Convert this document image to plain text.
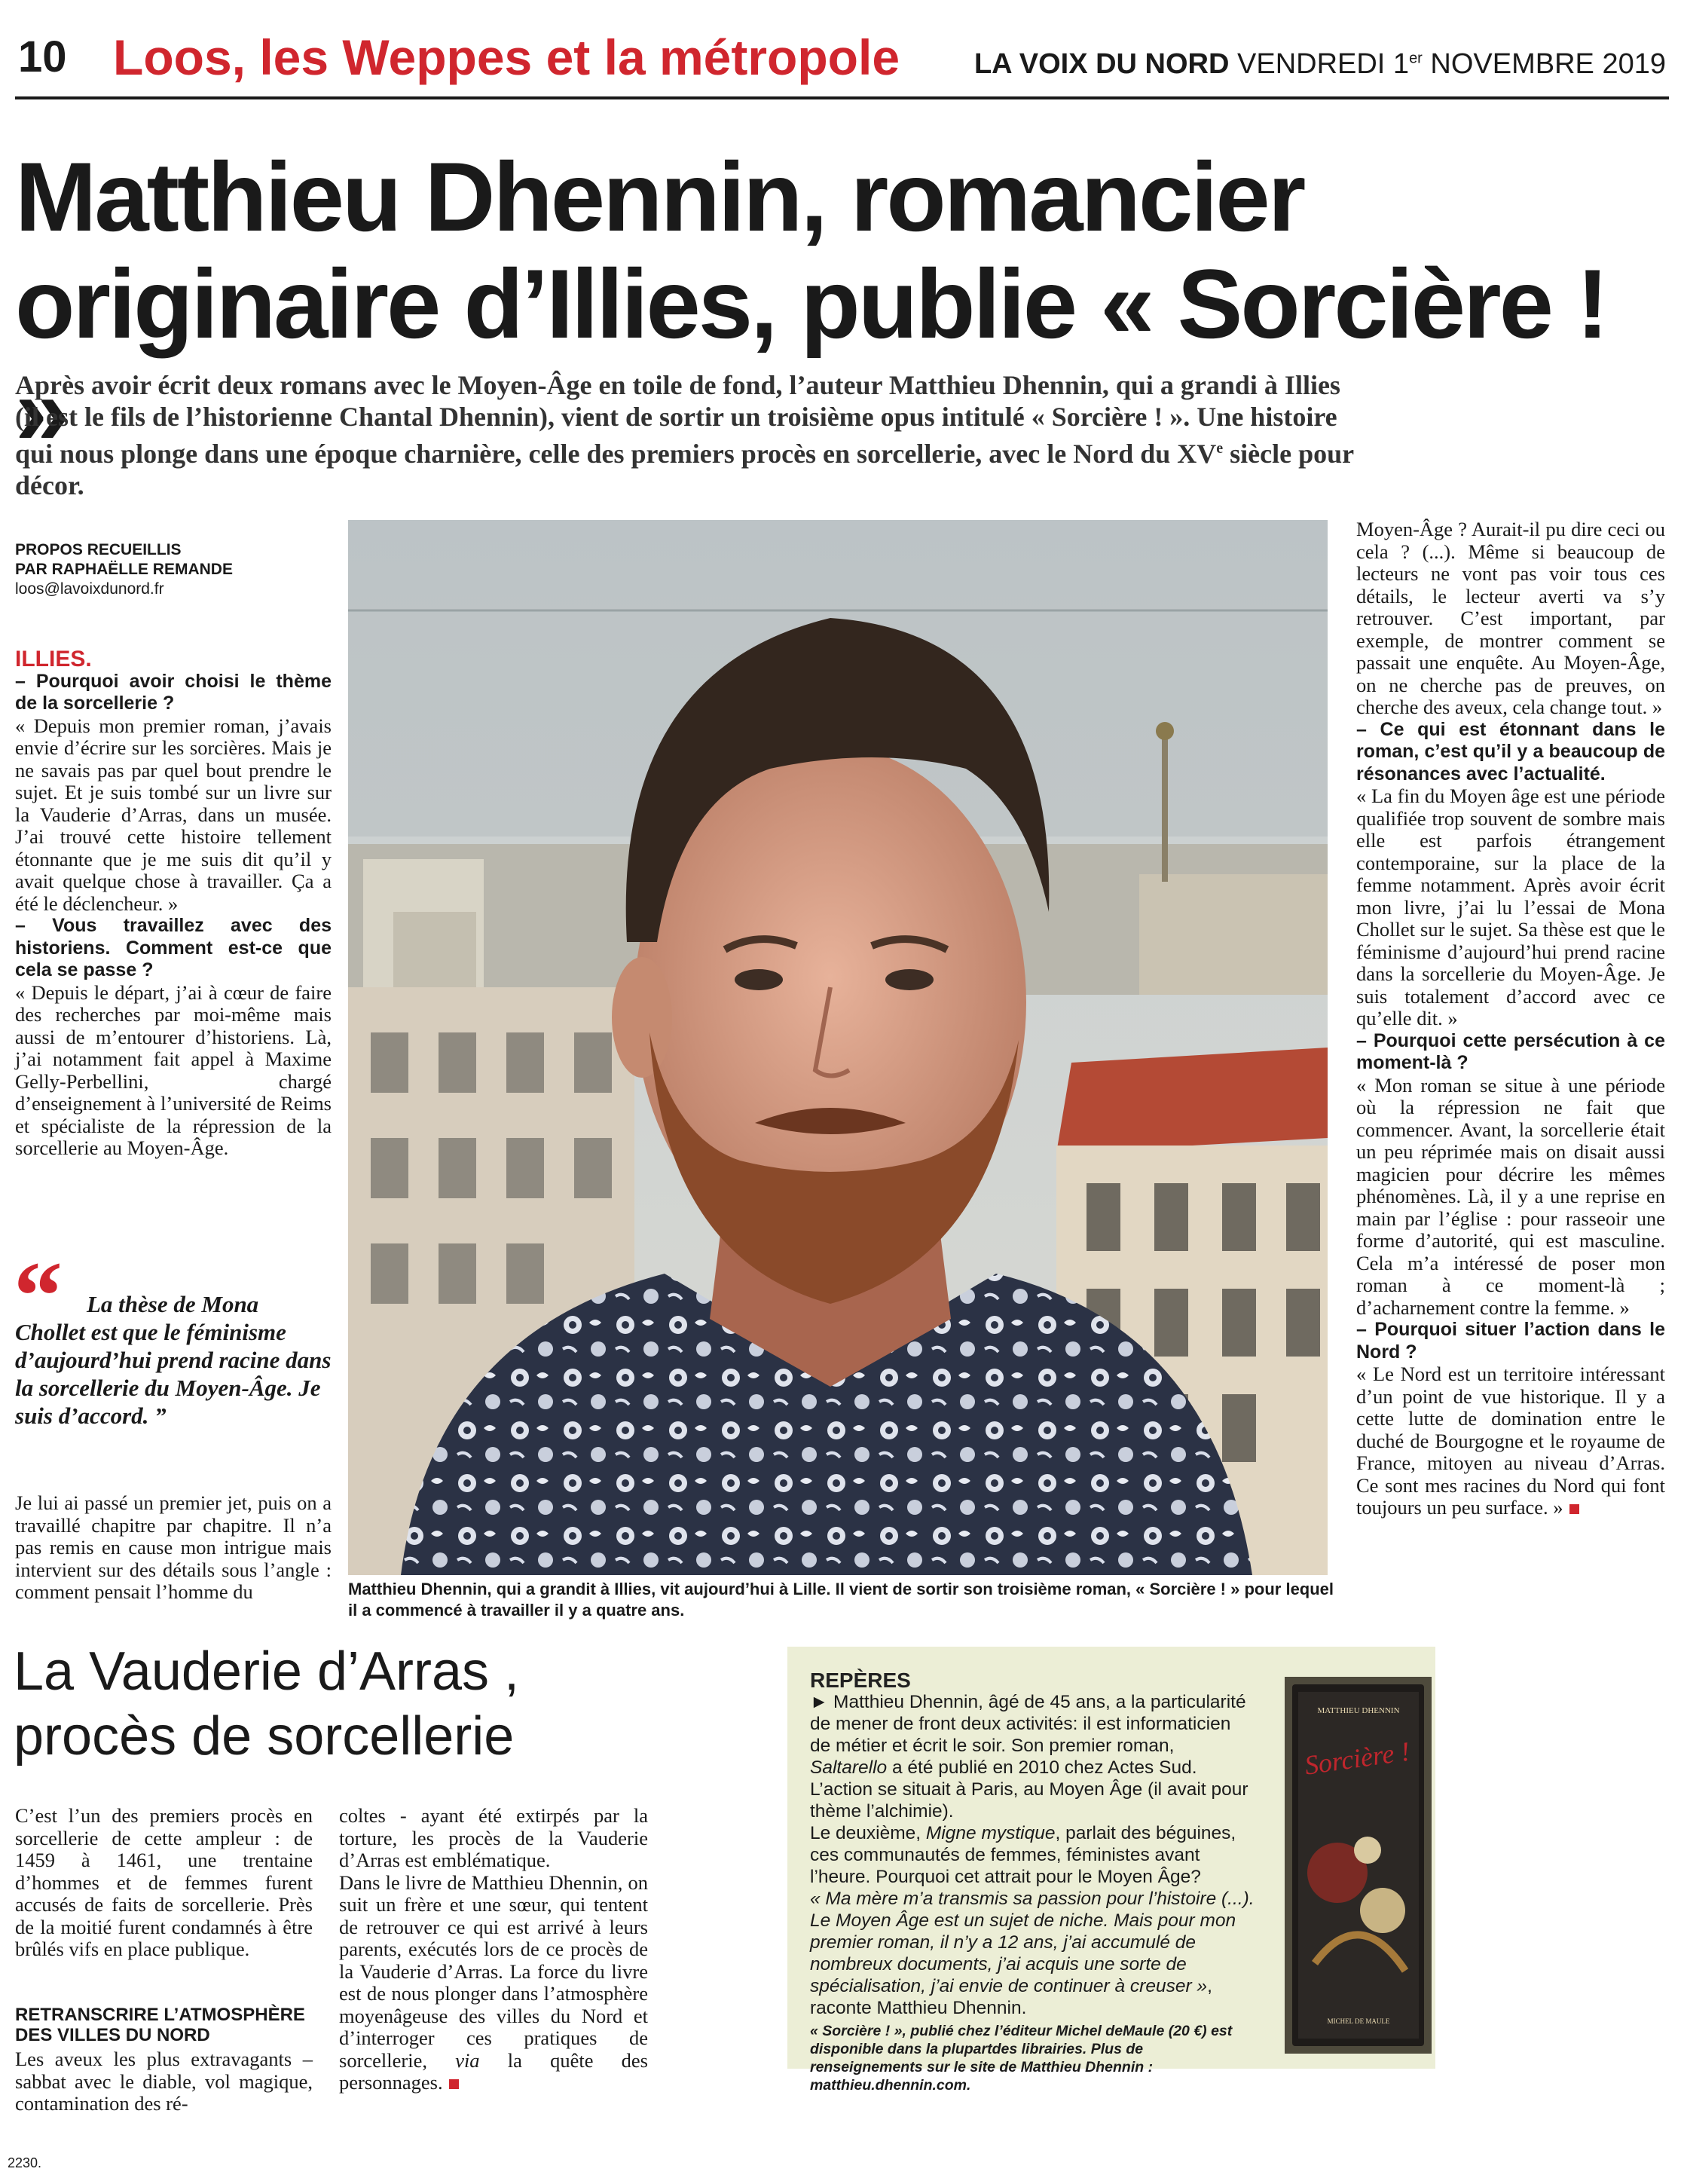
10 Loos, les Weppes et la métropole	LA VOIX DU NORD VENDREDI 1er NOVEMBRE 2019
Matthieu Dhennin, romancier
originaire d’Illies, publie « Sorcière ! »
Après avoir écrit deux romans avec le Moyen-Âge en toile de fond, l’auteur Matthieu Dhennin, qui a grandi à Illies (il est le fils de l’historienne Chantal Dhennin), vient de sortir un troisième opus intitulé « Sorcière ! ». Une histoire qui nous plonge dans une époque charnière, celle des premiers procès en sorcellerie, avec le Nord du XVe siècle pour décor.
PROPOS RECUEILLIS
PAR RAPHAËLLE REMANDE
loos@lavoixdunord.fr

ILLIES.

– Pourquoi avoir choisi le thème de la sorcellerie ?

« Depuis mon premier roman, j’avais envie d’écrire sur les sorcières. Mais je ne savais pas par quel bout prendre le sujet. Et je suis tombé sur un livre sur la Vauderie d’Arras, dans un musée. J’ai trouvé cette histoire tellement étonnante que je me suis dit qu’il y avait quelque chose à travailler. Ça a été le déclencheur. »

– Vous travaillez avec des historiens. Comment est-ce que cela se passe ?

« Depuis le départ, j’ai à cœur de faire des recherches par moi-même mais aussi de m’entourer d’historiens. Là, j’ai notamment fait appel à Maxime Gelly-Perbellini, chargé d’enseignement à l’université de Reims et spécialiste de la répression de la sorcellerie au Moyen-Âge.

“	La thèse de Mona Chollet est que le féminisme d’aujourd’hui prend racine dans la sorcellerie du Moyen-Âge. Je suis d’accord. ”

Je lui ai passé un premier jet, puis on a travaillé chapitre par chapitre. Il n’a pas remis en cause mon intrigue mais intervient sur des détails sous l’angle : comment pensait l’homme du	Matthieu Dhennin, qui a grandit à Illies, vit aujourd’hui à Lille. Il vient de sortir son troisième roman, « Sorcière ! » pour lequel il a commencé à travailler il y a quatre ans.

Moyen-Âge ? Aurait-il pu dire ceci ou cela ? (...). Même si beaucoup de lecteurs ne vont pas voir tous ces détails, le lecteur averti va s’y retrouver. C’est important, par exemple, de montrer comment se passait une enquête. Au Moyen-Âge, on ne cherche pas de preuves, on cherche des aveux, cela change tout. »

– Ce qui est étonnant dans le roman, c’est qu’il y a beaucoup de résonances avec l’actualité.

« La fin du Moyen âge est une période qualifiée trop souvent de sombre mais elle est parfois étrangement contemporaine, sur la place de la femme notamment. Après avoir écrit mon livre, j’ai lu l’essai de Mona Chollet sur le sujet. Sa thèse est que le féminisme d’aujourd’hui prend racine dans la sorcellerie du Moyen-Âge. Je suis totalement d’accord avec ce qu’elle dit. »

– Pourquoi cette persécution à ce moment-là ?

« Mon roman se situe à une période où la répression ne fait que commencer. Avant, la sorcellerie était un peu réprimée mais on disait aussi magicien pour décrire les mêmes phénomènes. Là, il y a une reprise en main par l’église : pour rasseoir une forme d’autorité, qui est masculine. Cela m’a intéressé de poser mon roman à ce moment-là ; d’acharnement contre la femme. »

– Pourquoi situer l’action dans le Nord ?

« Le Nord est un territoire intéressant d’un point de vue historique. Il y a cette lutte de domination entre le duché de Bourgogne et le royaume de France, mitoyen au niveau d’Arras. Ce sont mes racines du Nord qui font toujours un peu surface. »

La Vauderie d’Arras ,
procès de sorcellerie

C’est l’un des premiers procès en sorcellerie de cette ampleur : de 1459 à 1461, une trentaine d’hommes et de femmes furent accusés de faits de sorcellerie. Près de la moitié furent condamnés à être brûlés vifs en place publique.

RETRANSCRIRE L’ATMOSPHÈRE DES VILLES DU NORD

Les aveux les plus extravagants – sabbat avec le diable, vol magique, contamination des ré-

coltes - ayant été extirpés par la torture, les procès de la Vauderie d’Arras est emblématique.

Dans le livre de Matthieu Dhennin, on suit un frère et une sœur, qui tentent de retrouver ce qui est arrivé à leurs parents, exécutés lors de ce procès de la Vauderie d’Arras. La force du livre est de nous plonger dans l’atmosphère moyenâgeuse des villes du Nord et d’interroger ces pratiques de sorcellerie, via la quête des personnages.

REPÈRES
► Matthieu Dhennin, âgé de 45 ans, a la particularité de mener de front deux activités: il est informaticien de métier et écrit le soir. Son premier roman, Saltarello a été publié en 2010 chez Actes Sud. L’action se situait à Paris, au Moyen Âge (il avait pour thème l’alchimie).
Le deuxième, Migne mystique, parlait des béguines, ces communautés de femmes, féministes avant l’heure. Pourquoi cet attrait pour le Moyen Âge?
« Ma mère m’a transmis sa passion pour l’histoire (...). Le Moyen Âge est un sujet de niche. Mais pour mon premier roman, il n’y a 12 ans, j’ai accumulé de nombreux documents, j’ai acquis une sorte de spécialisation, j’ai envie de continuer à creuser », raconte Matthieu Dhennin.
« Sorcière ! », publié chez l’éditeur Michel deMaule (20 €) est disponible dans la plupartdes librairies. Plus de renseignements sur le site de Matthieu Dhennin : matthieu.dhennin.com.
MATTHIEU DHENNIN
Sorcière !
MICHEL DE MAULE
2230.
